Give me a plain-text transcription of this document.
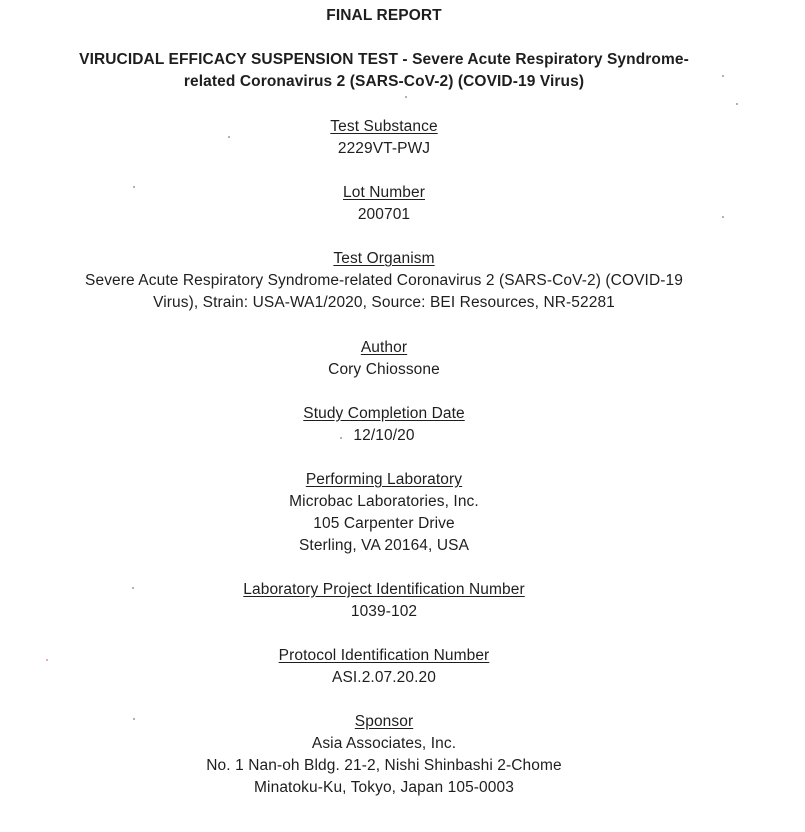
FINAL REPORT
VIRUCIDAL EFFICACY SUSPENSION TEST - Severe Acute Respiratory Syndrome-
related Coronavirus 2 (SARS-CoV-2) (COVID-19 Virus)
Test Substance
2229VT-PWJ
Lot Number
200701
Test Organism
Severe Acute Respiratory Syndrome-related Coronavirus 2 (SARS-CoV-2) (COVID-19
Virus), Strain: USA-WA1/2020, Source: BEI Resources, NR-52281
Author
Cory Chiossone
Study Completion Date
12/10/20
Performing Laboratory
Microbac Laboratories, Inc.
105 Carpenter Drive
Sterling, VA 20164, USA
Laboratory Project Identification Number
1039-102
Protocol Identification Number
ASI.2.07.20.20
Sponsor
Asia Associates, Inc.
No. 1 Nan-oh Bldg. 21-2, Nishi Shinbashi 2-Chome
Minatoku-Ku, Tokyo, Japan 105-0003
